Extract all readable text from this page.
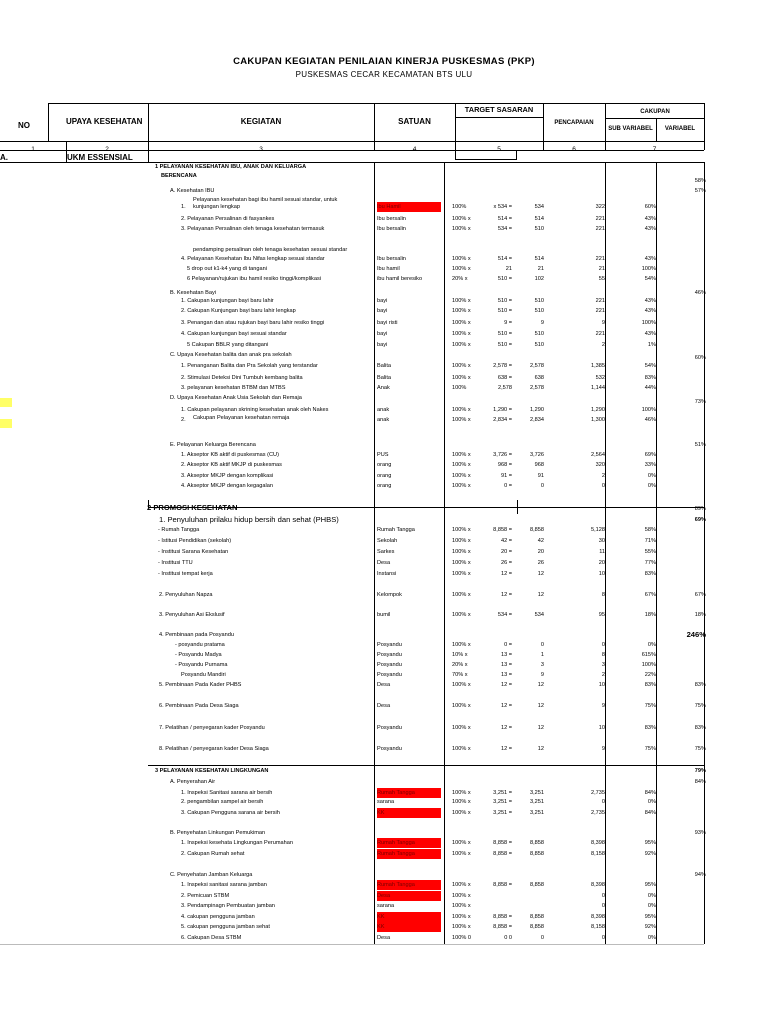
CAKUPAN KEGIATAN PENILAIAN KINERJA PUSKESMAS (PKP)
PUSKESMAS CECAR KECAMATAN BTS ULU
NO	UPAYA KESEHATAN	KEGIATAN	SATUAN
TARGET SASARAN
PENCAPAIAN
CAKUPAN
SUB VARIABEL	VARIABEL
1	2	3	4	5	6	7
A.	UKM ESSENSIAL
1 PELAYANAN KESEHATAN IBU, ANAK DAN KELUARGA
BERENCANA
58%
A. Kesehatan IBU	57%
Pelayanan kesehatan bagi ibu hamil sesuai standar, untuk
1.	Ibu Hamil	100%	x 534 =	534	322	60%
kunjungan lengkap
2. Pelayanan Persalinan di fasyankes	Ibu bersalin	100% x	514 =	514	221	43%
3. Pelayanan Persalinan oleh tenaga kesehatan termasuk	Ibu bersalin	100% x	534 =	510	221	43%
pendamping persalinan oleh tenaga kesehatan sesuai standar
4. Pelayanan Kesehatan Ibu Nifas lengkap sesuai standar	Ibu bersalin	100% x	514 =	514	221	43%
5 drop out k1-k4 yang di tangani	Ibu hamil	100% x	21	21	21	100%
6 Pelayanan/rujukan ibu hamil resiko tinggi/komplikasi	ibu hamil beresiko	20% x	510 =	102	55	54%
B. Kesehatan Bayi	46%
1. Cakupan kunjungan bayi baru lahir	bayi	100% x	510 =	510	221	43%
2. Cakupan Kunjungan bayi baru lahir lengkap	bayi	100% x	510 =	510	221	43%
3. Penangan dan atau rujukan bayi baru lahir resiko tinggi	bayi risti	100% x	9 =	9	9	100%
4. Cakupan kunjungan bayi sesuai standar	bayi	100% x	510 =	510	221	43%
5 Cakupan BBLR yang ditangani	bayi	100% x	510 =	510	2	1%
C. Upaya Kesehatan balita dan anak pra sekolah	60%
1. Penanganan Balita dan Pra Sekolah yang terstandar	Balita	100% x	2,578 =	2,578	1,385	54%
2. Stimulasi Deteksi Dini Tumbuh kembang balita	Balita	100% x	638 =	638	532	83%
3. pelayanan kesehatan BTBM dan MTBS	Anak	100%	2,578	2,578	1,144	44%
D. Upaya Kesehatan Anak Usia Sekolah dan Remaja
73%
1. Cakupan pelayanan skrining kesehatan anak oleh Nakes	anak	100% x	1,290 =	1,290	1,290	100%
2.	anak	100% x	2,834 =	2,834	1,300	46%
Cakupan Pelayanan kesehatan remaja
E. Pelayanan Keluarga Berencana	51%
1. Akseptor KB aktif di puskesmas (CU)	PUS	100% x	3,726 =	3,726	2,564	69%
2. Akseptor KB aktif MKJP di puskesmas	orang	100% x	968 =	968	320	33%
3. Akseptor MKJP dengan komplikasi	orang	100% x	91 =	91	2	0%
4. Akseptor MKJP dengan kegagalan	orang	100% x	0 =	0	0	0%
2 PROMOSI KESEHATAN	89%
1. Penyuluhan prilaku hidup bersih dan sehat (PHBS)	69%
- Rumah Tangga	Rumah Tangga	100% x	8,858 =	8,858	5,128	58%
- Istitusi Pendidikan (sekolah)	Sekolah	100% x	42 =	42	30	71%
- Institusi Sarana Kesehatan	Sarkes	100% x	20 =	20	11	55%
- Institusi TTU	Desa	100% x	26 =	26	20	77%
- Institusi tempat kerja	Instansi	100% x	12 =	12	10	83%
2. Penyuluhan Napza	Kelompok	100% x	12 =	12	8	67%	67%
3. Penyuluhan Asi Ekslusif	bumil	100% x	534 =	534	95	18%	18%
4. Pembinaan pada Posyandu	246%
- posyandu pratama	Posyandu	100% x	0 =	0	0	0%
- Posyandu Madya	Posyandu	10% x	13 =	1	8	615%
- Posyandu Purnama	Posyandu	20% x	13 =	3	3	100%
Posyandu Mandiri	Posyandu	70% x	13 =	9	2	22%
5. Pembinaan Pada Kader PHBS	Desa	100% x	12 =	12	10	83%	83%
6. Pembinaan Pada Desa Siaga	Desa	100% x	12 =	12	9	75%	75%
7. Pelatihan / penyegaran kader Posyandu	Posyandu	100% x	12 =	12	10	83%	83%
8. Pelatihan / penyegaran kader Desa Siaga	Posyandu	100% x	12 =	12	9	75%	75%
3 PELAYANAN KESEHATAN LINGKUNGAN	79%
A. Penyerahan Air	84%
1. Inspeksi Sanitasi sarana air bersih	Rumah Tangga	100% x	3,251 =	3,251	2,735	84%
2. pengambilan sampel air bersih	sarana	100% x	3,251 =	3,251	0	0%
3. Cakupan Pengguna sarana air bersih	KK	100% x	3,251 =	3,251	2,735	84%
B. Penyehatan Linkungan Pemukiman	93%
1. Inspeksi kesehata Lingkungan Perumahan	Rumah Tangga	100% x	8,858 =	8,858	8,398	95%
2. Cakupan Rumah sehat	Rumah Tangga	100% x	8,858 =	8,858	8,158	92%
C. Penyehatan Jamban Keluarga	94%
1. Inspeksi sanitasi sarana jamban	Rumah Tangga	100% x	8,858 =	8,858	8,398	95%
2. Pemicuan STBM	Desa	100% x	0	0%
3. Pendampinagn Pembuatan jamban	sarana	100% x	0	0%
4. cakupan pengguna jamban	KK	100% x	8,858 =	8,858	8,398	95%
5. cakupan pengguna jamban sehat	KK	100% x	8,858 =	8,858	8,158	92%
6. Cakupan Desa STBM	Desa	100% 0	0 0	0	0	0%
